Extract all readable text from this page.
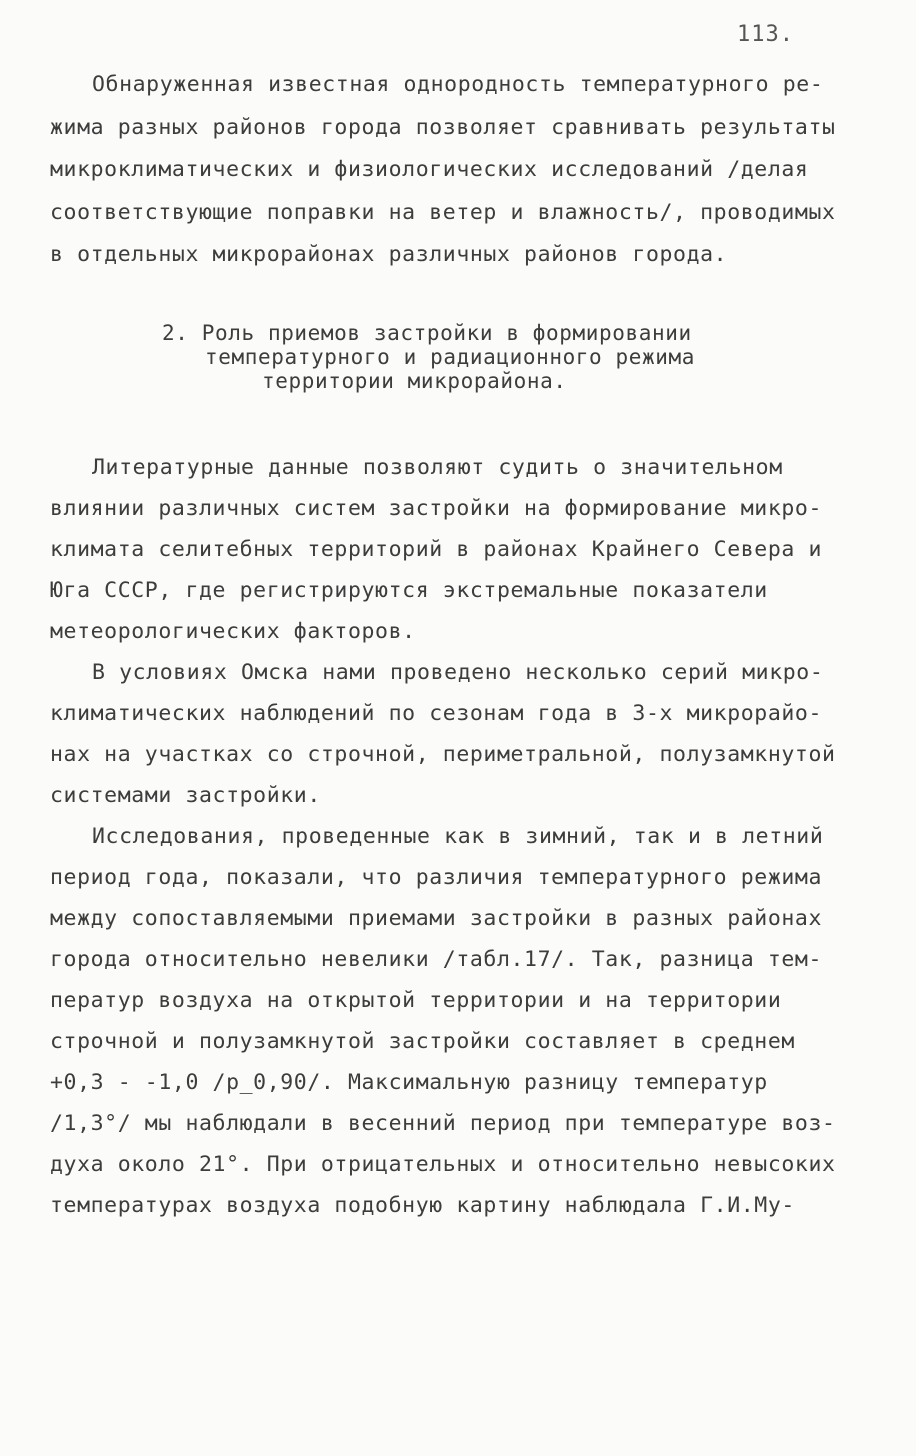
113.
Обнаруженная известная однородность температурного ре-
жима разных районов города позволяет сравнивать результаты
микроклиматических и физиологических исследований /делая
соответствующие поправки на ветер и влажность/, проводимых
в отдельных микрорайонах различных районов города.
2. Роль приемов застройки в формировании
температурного и радиационного режима
территории микрорайона.
Литературные данные позволяют судить о значительном
влиянии различных систем застройки на формирование микро-
климата селитебных территорий в районах Крайнего Севера и
Юга СССР, где регистрируются экстремальные показатели
метеорологических факторов.
В условиях Омска нами проведено несколько серий микро-
климатических наблюдений по сезонам года в 3-х микрорайо-
нах на участках со строчной, периметральной, полузамкнутой
системами застройки.
Исследования, проведенные как в зимний, так и в летний
период года, показали, что различия температурного режима
между сопоставляемыми приемами застройки в разных районах
города относительно невелики /табл.17/. Так, разница тем-
ператур воздуха на открытой территории и на территории
строчной и полузамкнутой застройки составляет в среднем
+0,3 - -1,0 /p_0,90/. Максимальную разницу температур
/1,3°/ мы наблюдали в весенний период при температуре воз-
духа около 21°. При отрицательных и относительно невысоких
температурах воздуха подобную картину наблюдала Г.И.Му-
